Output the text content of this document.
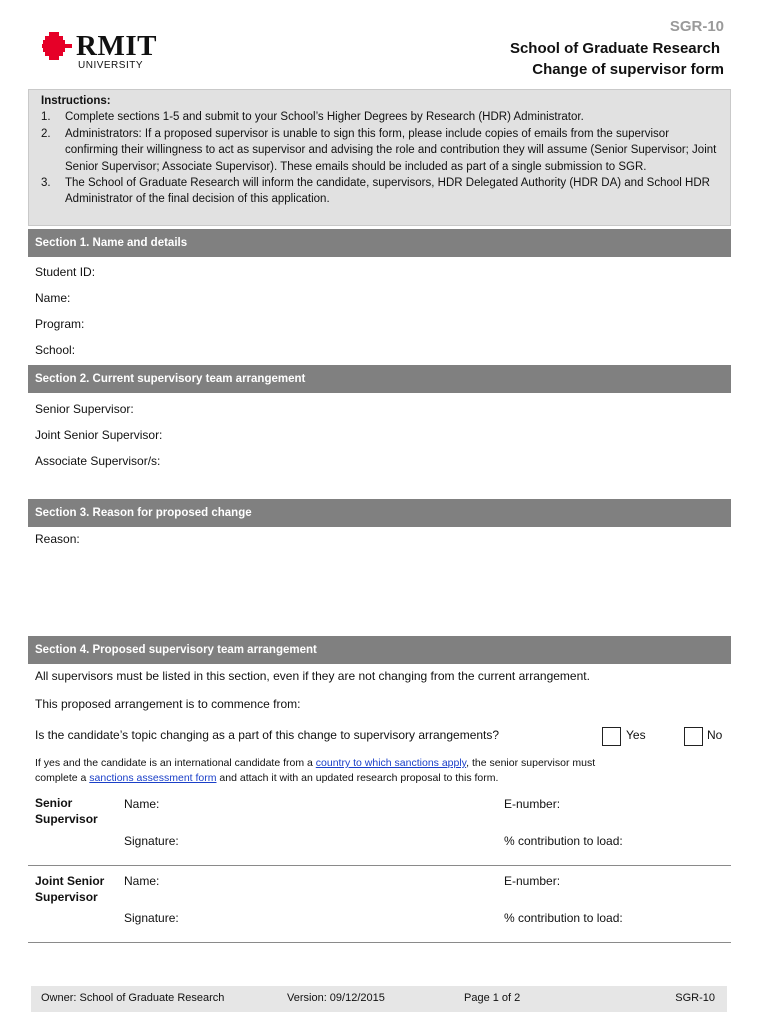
RMIT
UNIVERSITY
SGR-10
School of Graduate Research
Change of supervisor form
Instructions:
1. Complete sections 1-5 and submit to your School’s Higher Degrees by Research (HDR) Administrator.
2. Administrators: If a proposed supervisor is unable to sign this form, please include copies of emails from the supervisor confirming their willingness to act as supervisor and advising the role and contribution they will assume (Senior Supervisor; Joint Senior Supervisor; Associate Supervisor). These emails should be included as part of a single submission to SGR.
3. The School of Graduate Research will inform the candidate, supervisors, HDR Delegated Authority (HDR DA) and School HDR Administrator of the final decision of this application.
Section 1. Name and details
Student ID:
Name:
Program:
School:
Section 2. Current supervisory team arrangement
Senior Supervisor:
Joint Senior Supervisor:
Associate Supervisor/s:
Section 3. Reason for proposed change
Reason:
Section 4. Proposed supervisory team arrangement
All supervisors must be listed in this section, even if they are not changing from the current arrangement.
This proposed arrangement is to commence from:
Is the candidate’s topic changing as a part of this change to supervisory arrangements?	Yes	No
If yes and the candidate is an international candidate from a country to which sanctions apply, the senior supervisor must
complete a sanctions assessment form and attach it with an updated research proposal to this form.
Senior
Supervisor
Name:	E-number:
Signature:	% contribution to load:
Joint Senior
Supervisor
Name:	E-number:
Signature:	% contribution to load:
Owner: School of Graduate Research	Version: 09/12/2015	Page 1 of 2	SGR-10
